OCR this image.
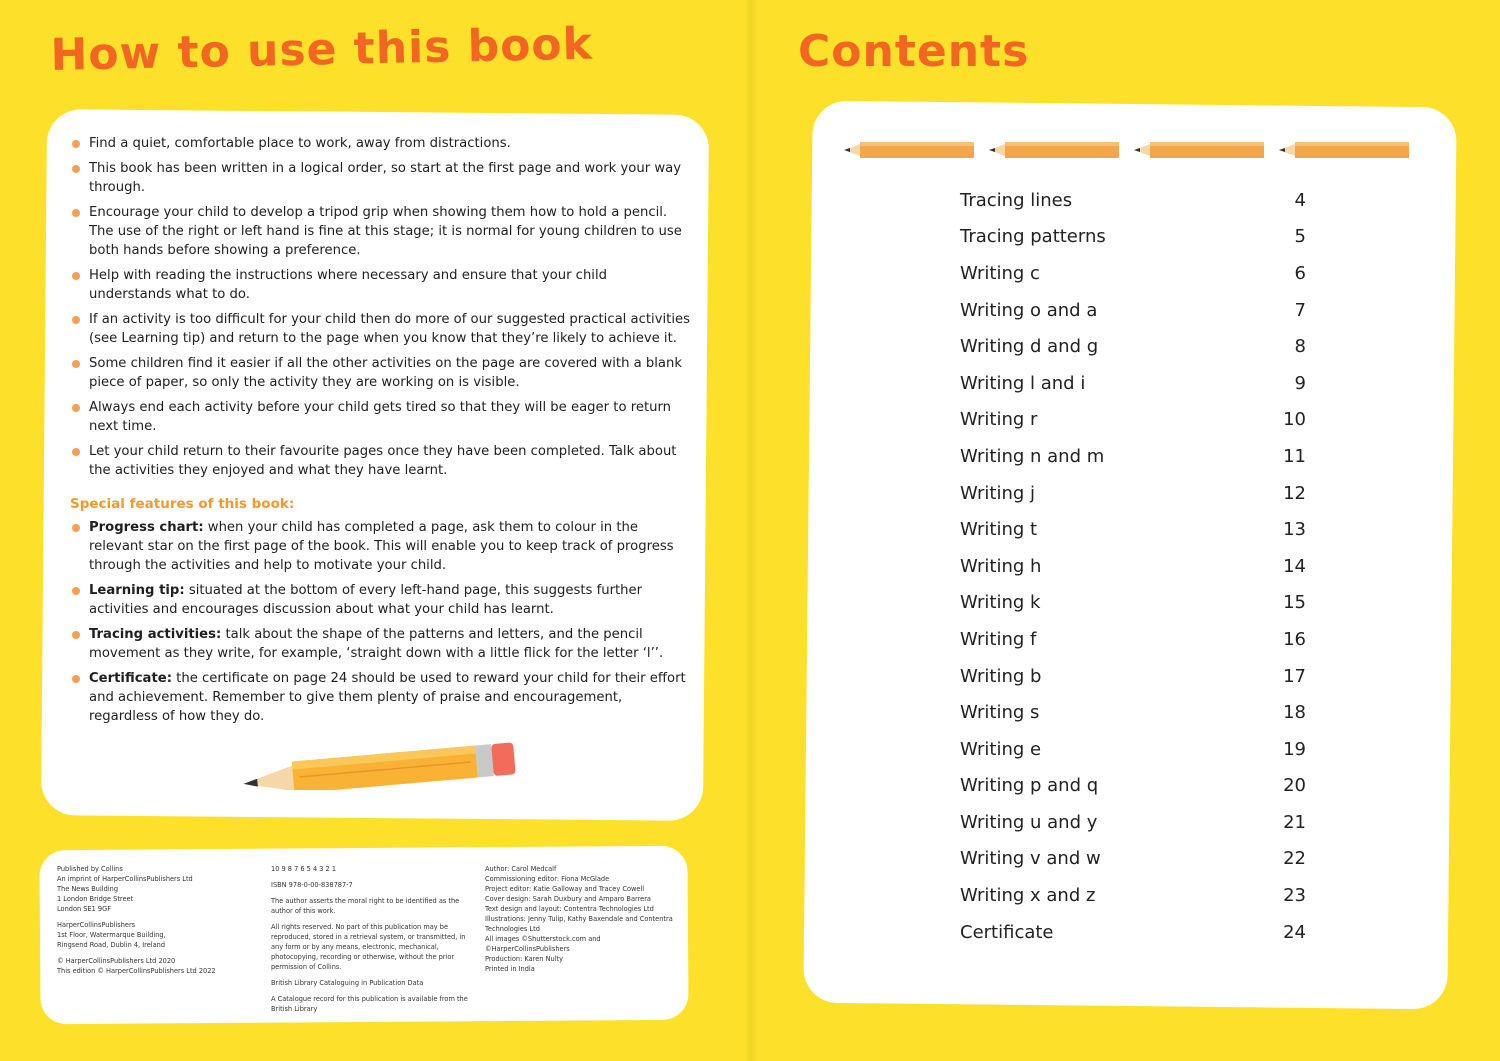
How to use this book
Find a quiet, comfortable place to work, away from distractions.
This book has been written in a logical order, so start at the first page and work your way through.
Encourage your child to develop a tripod grip when showing them how to hold a pencil. The use of the right or left hand is fine at this stage; it is normal for young children to use both hands before showing a preference.
Help with reading the instructions where necessary and ensure that your child understands what to do.
If an activity is too difficult for your child then do more of our suggested practical activities (see Learning tip) and return to the page when you know that they’re likely to achieve it.
Some children find it easier if all the other activities on the page are covered with a blank piece of paper, so only the activity they are working on is visible.
Always end each activity before your child gets tired so that they will be eager to return next time.
Let your child return to their favourite pages once they have been completed. Talk about the activities they enjoyed and what they have learnt.
Special features of this book:
Progress chart: when your child has completed a page, ask them to colour in the relevant star on the first page of the book. This will enable you to keep track of progress through the activities and help to motivate your child.
Learning tip: situated at the bottom of every left-hand page, this suggests further activities and encourages discussion about what your child has learnt.
Tracing activities: talk about the shape of the patterns and letters, and the pencil movement as they write, for example, ‘straight down with a little flick for the letter ‘l’’.
Certificate: the certificate on page 24 should be used to reward your child for their effort and achievement. Remember to give them plenty of praise and encouragement, regardless of how they do.

Published by Collins
An imprint of HarperCollinsPublishers Ltd
The News Building
1 London Bridge Street
London SE1 9GF

HarperCollinsPublishers
1st Floor, Watermarque Building,
Ringsend Road, Dublin 4, Ireland

© HarperCollinsPublishers Ltd 2020
This edition © HarperCollinsPublishers Ltd 2022

10 9 8 7 6 5 4 3 2 1

ISBN 978-0-00-838787-7

The author asserts the moral right to be identified as the author of this work.

All rights reserved. No part of this publication may be reproduced, stored in a retrieval system, or transmitted, in any form or by any means, electronic, mechanical, photocopying, recording or otherwise, without the prior permission of Collins.

British Library Cataloguing in Publication Data

A Catalogue record for this publication is available from the British Library

Author: Carol Medcalf
Commissioning editor: Fiona McGlade
Project editor: Katie Galloway and Tracey Cowell
Cover design: Sarah Duxbury and Amparo Barrera
Text design and layout: Contentra Technologies Ltd
Illustrations: Jenny Tulip, Kathy Baxendale and Contentra Technologies Ltd
All images ©Shutterstock.com and ©HarperCollinsPublishers
Production: Karen Nulty
Printed in India

Contents
Tracing lines	4
Tracing patterns	5
Writing c	6
Writing o and a	7
Writing d and g	8
Writing l and i	9
Writing r	10
Writing n and m	11
Writing j	12
Writing t	13
Writing h	14
Writing k	15
Writing f	16
Writing b	17
Writing s	18
Writing e	19
Writing p and q	20
Writing u and y	21
Writing v and w	22
Writing x and z	23
Certificate	24
